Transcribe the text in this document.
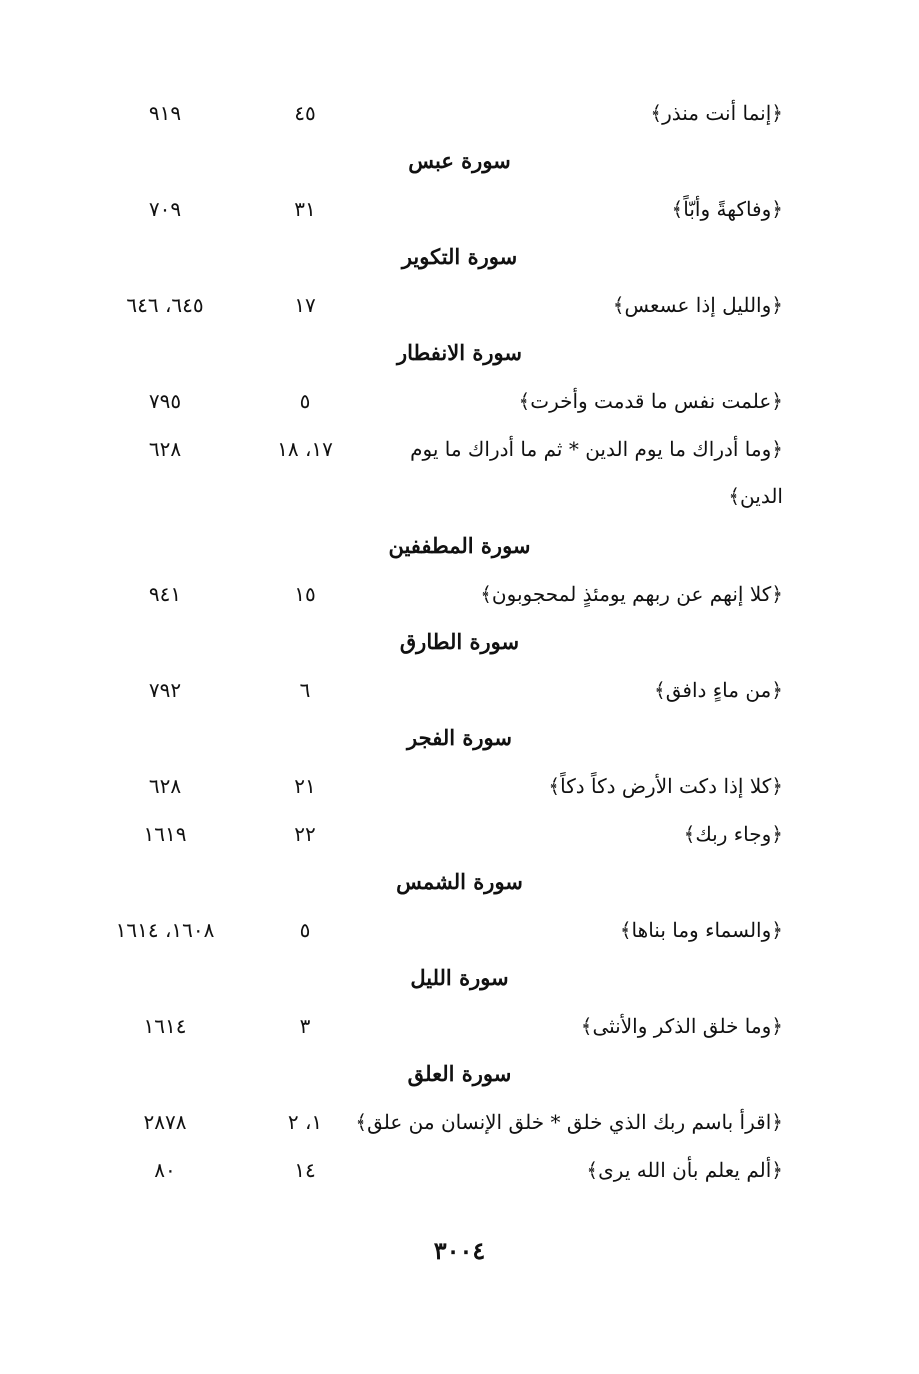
﴿إنما أنت منذر﴾
٤٥
٩١٩
سورة عبس
﴿وفاكهةً وأبّاً﴾
٣١
٧٠٩
سورة التكوير
﴿والليل إذا عسعس﴾
١٧
٦٤٥، ٦٤٦
سورة الانفطار
﴿علمت نفس ما قدمت وأخرت﴾
٥
٧٩٥
﴿وما أدراك ما يوم الدين * ثم ما أدراك ما يوم
١٧، ١٨
٦٢٨
الدين﴾
سورة المطففين
﴿كلا إنهم عن ربهم يومئذٍ لمحجوبون﴾
١٥
٩٤١
سورة الطارق
﴿من ماءٍ دافق﴾
٦
٧٩٢
سورة الفجر
﴿كلا إذا دكت الأرض دكاً دكاً﴾
٢١
٦٢٨
﴿وجاء ربك﴾
٢٢
١٦١٩
سورة الشمس
﴿والسماء وما بناها﴾
٥
١٦٠٨، ١٦١٤
سورة الليل
﴿وما خلق الذكر والأنثى﴾
٣
١٦١٤
سورة العلق
﴿اقرأ باسم ربك الذي خلق * خلق الإنسان من علق﴾
١، ٢
٢٨٧٨
﴿ألم يعلم بأن الله يرى﴾
١٤
٨٠
٣٠٠٤
